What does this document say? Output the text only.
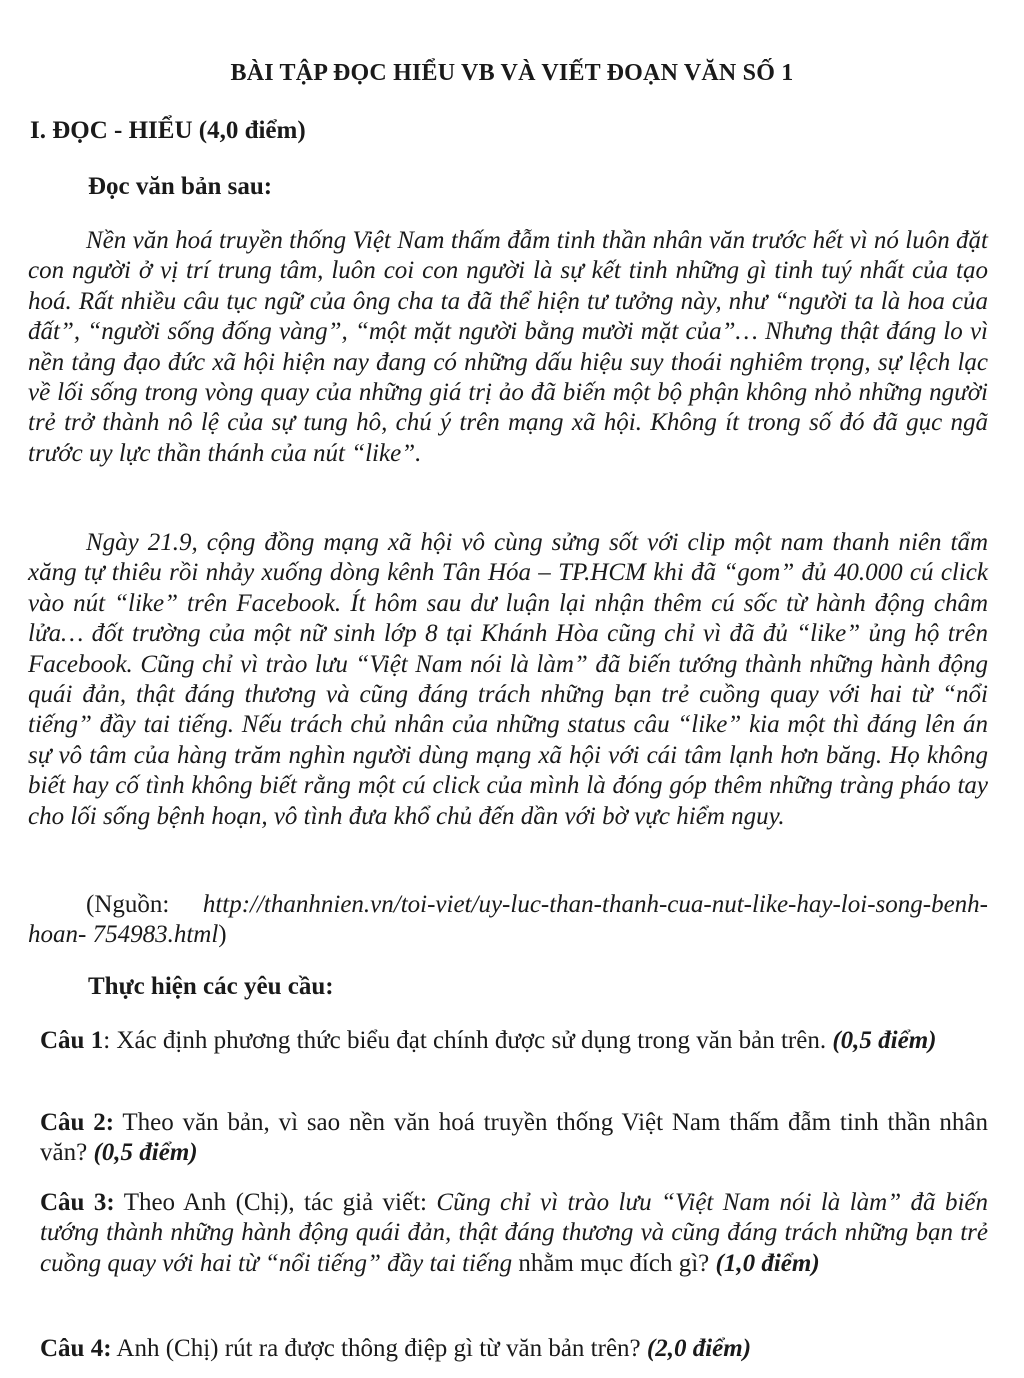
BÀI TẬP ĐỌC HIỂU VB VÀ VIẾT ĐOẠN VĂN SỐ 1
I. ĐỌC - HIỂU (4,0 điểm)
Đọc văn bản sau:

Nền văn hoá truyền thống Việt Nam thấm đẫm tinh thần nhân văn trước hết vì nó luôn đặt con người ở vị trí trung tâm, luôn coi con người là sự kết tinh những gì tinh tuý nhất của tạo hoá. Rất nhiều câu tục ngữ của ông cha ta đã thể hiện tư tưởng này, như “người ta là hoa của đất”, “người sống đống vàng”, “một mặt người bằng mười mặt của”… Nhưng thật đáng lo vì nền tảng đạo đức xã hội hiện nay đang có những dấu hiệu suy thoái nghiêm trọng, sự lệch lạc về lối sống trong vòng quay của những giá trị ảo đã biến một bộ phận không nhỏ những người trẻ trở thành nô lệ của sự tung hô, chú ý trên mạng xã hội. Không ít trong số đó đã gục ngã trước uy lực thần thánh của nút “like”.

Ngày 21.9, cộng đồng mạng xã hội vô cùng sửng sốt với clip một nam thanh niên tẩm xăng tự thiêu rồi nhảy xuống dòng kênh Tân Hóa – TP.HCM khi đã “gom” đủ 40.000 cú click vào nút “like” trên Facebook. Ít hôm sau dư luận lại nhận thêm cú sốc từ hành động châm lửa… đốt trường của một nữ sinh lớp 8 tại Khánh Hòa cũng chỉ vì đã đủ “like” ủng hộ trên Facebook. Cũng chỉ vì trào lưu “Việt Nam nói là làm” đã biến tướng thành những hành động quái đản, thật đáng thương và cũng đáng trách những bạn trẻ cuồng quay với hai từ “nổi tiếng” đầy tai tiếng. Nếu trách chủ nhân của những status câu “like” kia một thì đáng lên án sự vô tâm của hàng trăm nghìn người dùng mạng xã hội với cái tâm lạnh hơn băng. Họ không biết hay cố tình không biết rằng một cú click của mình là đóng góp thêm những tràng pháo tay cho lối sống bệnh hoạn, vô tình đưa khổ chủ đến dần với bờ vực hiểm nguy.

(Nguồn: http://thanhnien.vn/toi-viet/uy-luc-than-thanh-cua-nut-like-hay-loi-song-benh-hoan- 754983.html)

Thực hiện các yêu cầu:

Câu 1: Xác định phương thức biểu đạt chính được sử dụng trong văn bản trên. (0,5 điểm)

Câu 2: Theo văn bản, vì sao nền văn hoá truyền thống Việt Nam thấm đẫm tinh thần nhân văn? (0,5 điểm)

Câu 3: Theo Anh (Chị), tác giả viết: Cũng chỉ vì trào lưu “Việt Nam nói là làm” đã biến tướng thành những hành động quái đản, thật đáng thương và cũng đáng trách những bạn trẻ cuồng quay với hai từ “nổi tiếng” đầy tai tiếng nhằm mục đích gì? (1,0 điểm)

Câu 4: Anh (Chị) rút ra được thông điệp gì từ văn bản trên? (2,0 điểm)
